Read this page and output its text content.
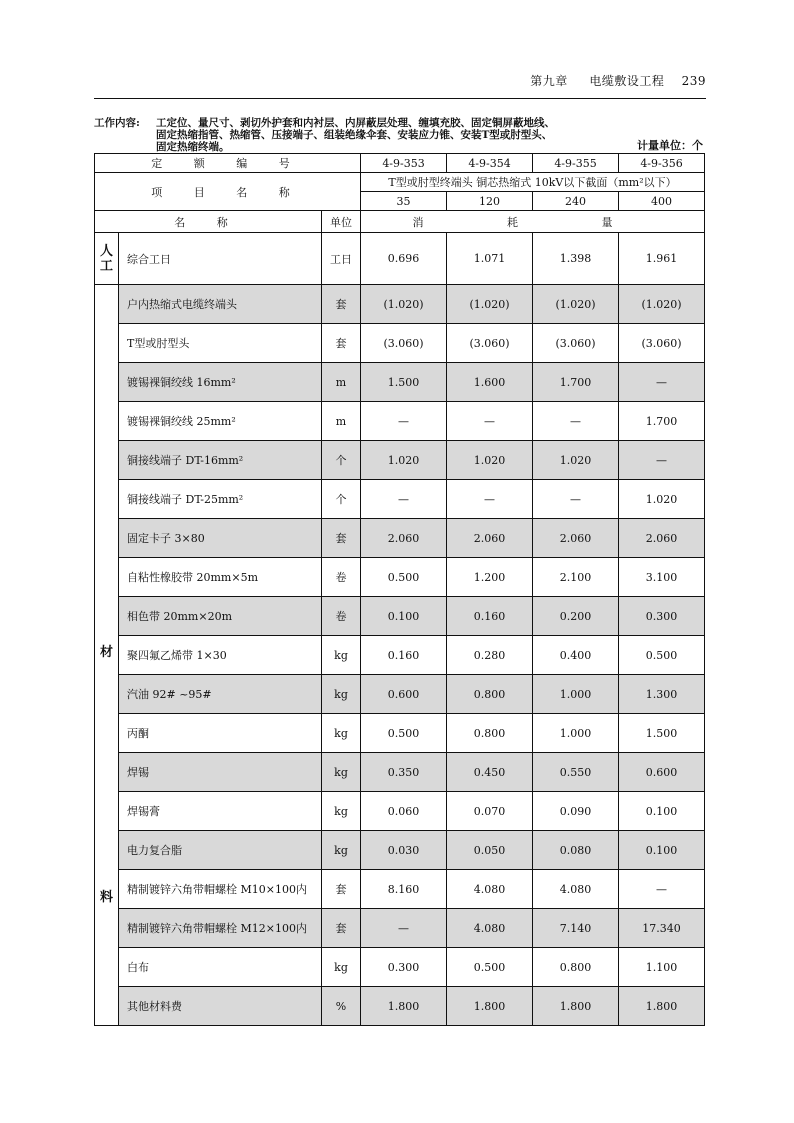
第九章 电缆敷设工程 239
工作内容: 工定位、量尺寸、剥切外护套和内衬层、内屏蔽层处理、缠填充胶、固定铜屏蔽地线、
固定热缩指管、热缩管、压接端子、组装绝缘伞套、安装应力锥、安装T型或肘型头、
固定热缩终端。	计量单位：个
定 额 编 号			4-9-353	4-9-354	4-9-355	4-9-356
项 目 名 称			T型或肘型终端头 铜芯热缩式 10kV以下截面（mm²以下）			
			35	120	240	400
名 称		单位	消 耗 量			
人
工	综合工日	工日	0.696	1.071	1.398	1.961

材
料	户内热缩式电缆终端头	套	(1.020)	(1.020)	(1.020)	(1.020)
	T型或肘型头	套	(3.060)	(3.060)	(3.060)	(3.060)
	镀锡裸铜绞线 16mm²	m	1.500	1.600	1.700	—
	镀锡裸铜绞线 25mm²	m	—	—	—	1.700
	铜接线端子 DT-16mm²	个	1.020	1.020	1.020	—
	铜接线端子 DT-25mm²	个	—	—	—	1.020
	固定卡子 3×80	套	2.060	2.060	2.060	2.060
	自粘性橡胶带 20mm×5m	卷	0.500	1.200	2.100	3.100
	相色带 20mm×20m	卷	0.100	0.160	0.200	0.300
	聚四氟乙烯带 1×30	kg	0.160	0.280	0.400	0.500
	汽油 92# ~95#	kg	0.600	0.800	1.000	1.300
	丙酮	kg	0.500	0.800	1.000	1.500
	焊锡	kg	0.350	0.450	0.550	0.600
	焊锡膏	kg	0.060	0.070	0.090	0.100
	电力复合脂	kg	0.030	0.050	0.080	0.100
	精制镀锌六角带帽螺栓 M10×100内	套	8.160	4.080	4.080	—
	精制镀锌六角带帽螺栓 M12×100内	套	—	4.080	7.140	17.340
	白布	kg	0.300	0.500	0.800	1.100
	其他材料费	%	1.800	1.800	1.800	1.800
